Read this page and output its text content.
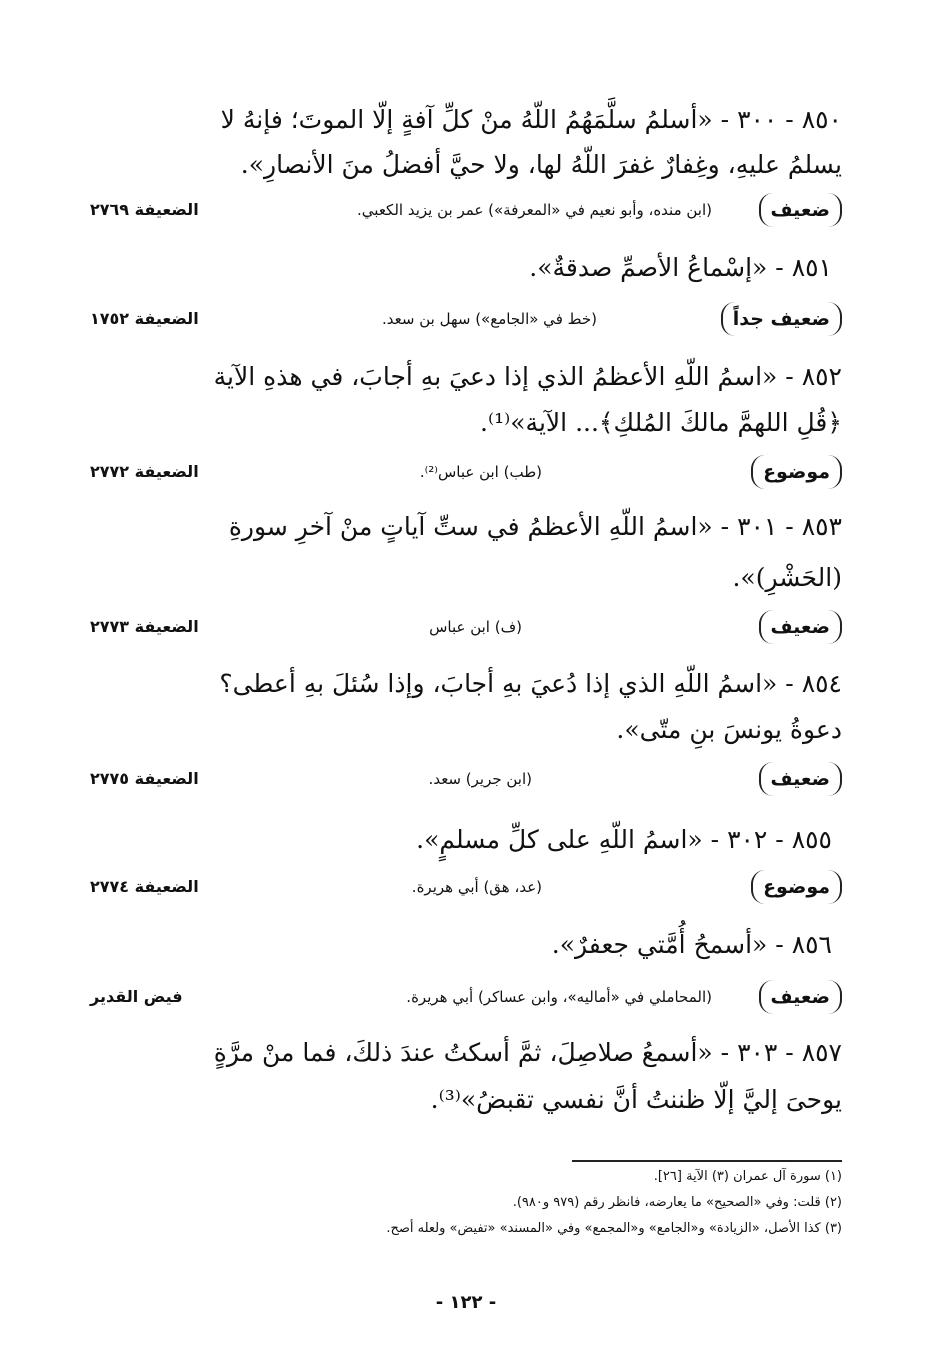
٨٥٠ - ٣٠٠ - «أسلمُ سلَّمَهُمُ اللّهُ منْ كلِّ آفةٍ إلّا الموتَ؛ فإنهُ لا
يسلمُ عليهِ، وغِفارٌ غفرَ اللّهُ لها، ولا حيَّ أفضلُ منَ الأنصارِ».
ضعيف
(ابن منده، وأبو نعيم في «المعرفة») عمر بن يزيد الكعبي.
الضعيفة ٢٧٦٩
٨٥١ - «إسْماعُ الأصمِّ صدقةٌ».
ضعيف جداً
(خط في «الجامع») سهل بن سعد.
الضعيفة ١٧٥٢
٨٥٢ - «اسمُ اللّهِ الأعظمُ الذي إذا دعيَ بهِ أجابَ، في هذهِ الآية
﴿قُلِ اللهمَّ مالكَ المُلكِ﴾... الآية»⁽¹⁾.
موضوع
(طب) ابن عباس⁽²⁾.
الضعيفة ٢٧٧٢
٨٥٣ - ٣٠١ - «اسمُ اللّهِ الأعظمُ في ستِّ آياتٍ منْ آخرِ سورةِ
(الحَشْرِ)».
ضعيف
(ف) ابن عباس
الضعيفة ٢٧٧٣
٨٥٤ - «اسمُ اللّهِ الذي إذا دُعيَ بهِ أجابَ، وإذا سُئلَ بهِ أعطى؟
دعوةُ يونسَ بنِ متّى».
ضعيف
(ابن جرير) سعد.
الضعيفة ٢٧٧٥
٨٥٥ - ٣٠٢ - «اسمُ اللّهِ على كلِّ مسلمٍ».
موضوع
(عد، هق) أبي هريرة.
الضعيفة ٢٧٧٤
٨٥٦ - «أسمحُ أُمَّتي جعفرٌ».
ضعيف
(المحاملي في «أماليه»، وابن عساكر) أبي هريرة.
فيض القدير
٨٥٧ - ٣٠٣ - «أسمعُ صلاصِلَ، ثمَّ أسكتُ عندَ ذلكَ، فما منْ مرَّةٍ
يوحىَ إليَّ إلّا ظننتُ أنَّ نفسي تقبضُ»⁽³⁾.
(١) سورة آل عمران (٣) الآية [٢٦].
(٢) قلت: وفي «الصحيح» ما يعارضه، فانظر رقم (٩٧٩ و٩٨٠).
(٣) كذا الأصل، «الزيادة» و«الجامع» و«المجمع» وفي «المسند» «تفيض» ولعله أصح.
- ١٢٢ -
